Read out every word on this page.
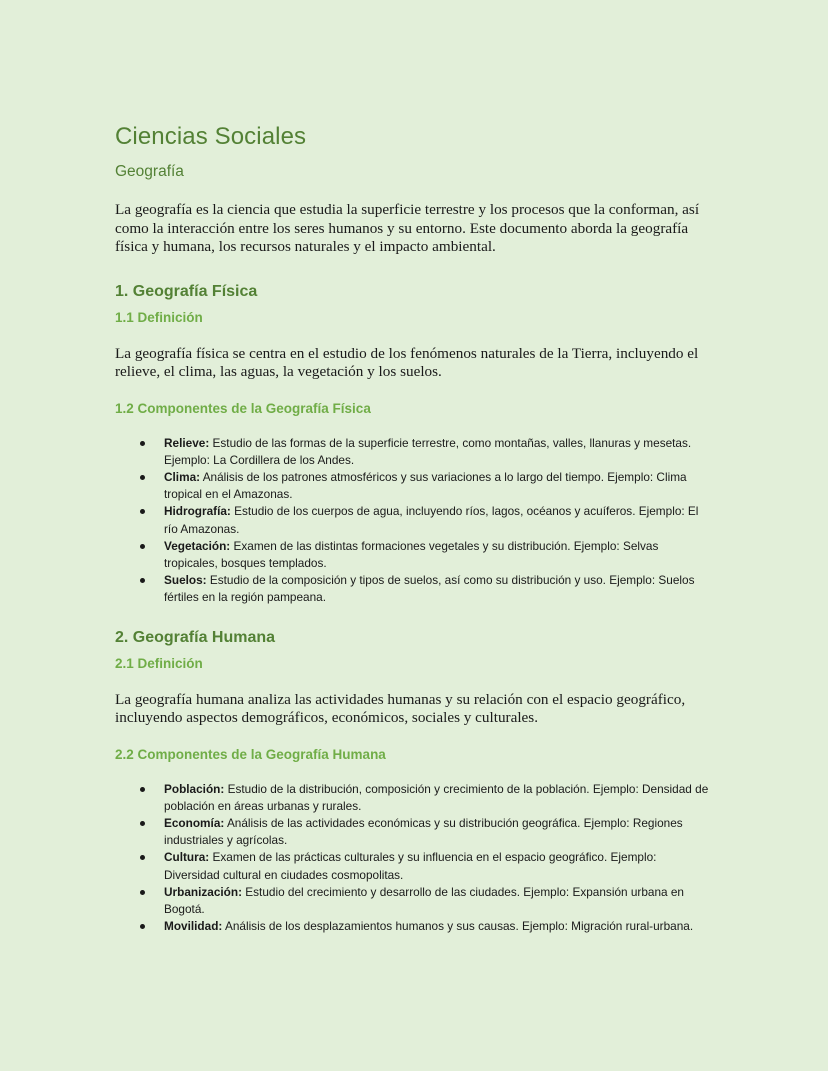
Ciencias Sociales
Geografía

La geografía es la ciencia que estudia la superficie terrestre y los procesos que la conforman, así como la interacción entre los seres humanos y su entorno. Este documento aborda la geografía física y humana, los recursos naturales y el impacto ambiental.

1. Geografía Física
1.1 Definición

La geografía física se centra en el estudio de los fenómenos naturales de la Tierra, incluyendo el relieve, el clima, las aguas, la vegetación y los suelos.

1.2 Componentes de la Geografía Física
Relieve: Estudio de las formas de la superficie terrestre, como montañas, valles, llanuras y mesetas. Ejemplo: La Cordillera de los Andes.
Clima: Análisis de los patrones atmosféricos y sus variaciones a lo largo del tiempo. Ejemplo: Clima tropical en el Amazonas.
Hidrografía: Estudio de los cuerpos de agua, incluyendo ríos, lagos, océanos y acuíferos. Ejemplo: El río Amazonas.
Vegetación: Examen de las distintas formaciones vegetales y su distribución. Ejemplo: Selvas tropicales, bosques templados.
Suelos: Estudio de la composición y tipos de suelos, así como su distribución y uso. Ejemplo: Suelos fértiles en la región pampeana.
2. Geografía Humana
2.1 Definición

La geografía humana analiza las actividades humanas y su relación con el espacio geográfico, incluyendo aspectos demográficos, económicos, sociales y culturales.

2.2 Componentes de la Geografía Humana
Población: Estudio de la distribución, composición y crecimiento de la población. Ejemplo: Densidad de población en áreas urbanas y rurales.
Economía: Análisis de las actividades económicas y su distribución geográfica. Ejemplo: Regiones industriales y agrícolas.
Cultura: Examen de las prácticas culturales y su influencia en el espacio geográfico. Ejemplo: Diversidad cultural en ciudades cosmopolitas.
Urbanización: Estudio del crecimiento y desarrollo de las ciudades. Ejemplo: Expansión urbana en Bogotá.
Movilidad: Análisis de los desplazamientos humanos y sus causas. Ejemplo: Migración rural-urbana.
